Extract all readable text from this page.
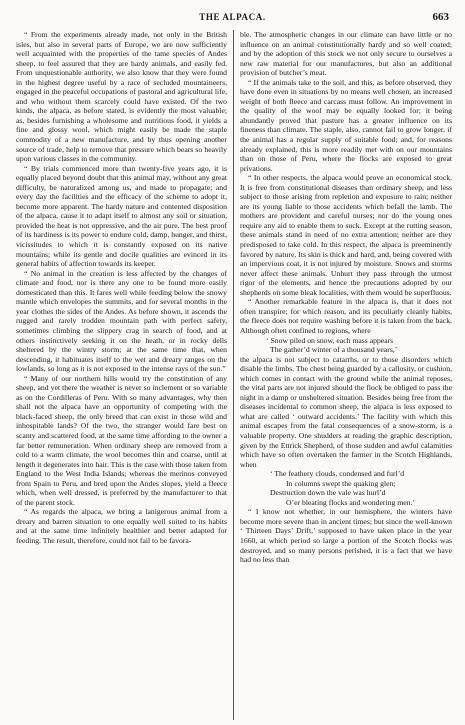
THE ALPACA.	663

“ From the experiments already made, not only in the British isles, but also in several parts of Europe, we are now sufficiently well acquainted with the properties of the tame species of Andes sheep, to feel assured that they are hardy animals, and easily fed. From unquestionable authority, we also know that they were found in the highest degree useful by a race of secluded mountaineers, engaged in the peaceful occupations of pastoral and agricultural life, and who without them scarcely could have existed. Of the two kinds, the alpaca, as before stated, is evidently the most valuable; as, besides furnishing a wholesome and nutritious food, it yields a fine and glossy wool, which might easily be made the staple commodity of a new manufacture, and by thus opening another source of trade, help to remove that pressure which bears so heavily upon various classes in the community.

“ By trials commenced more than twenty-five years ago, it is equally placed beyond doubt that this animal may, without any great difficulty, be naturalized among us, and made to propagate; and every day the facilities and the efficacy of the scheme to adopt it, become more apparent. The hardy nature and contented disposition of the alpaca, cause it to adapt itself to almost any soil or situation, provided the heat is not oppressive, and the air pure. The best proof of its hardiness is its power to endure cold, damp, hunger, and thirst, vicissitudes to which it is constantly exposed on its native mountains; while its gentle and docile qualities are evinced in its general habits of affection towards its keeper.

“ No animal in the creation is less affected by the changes of climate and food, nor is there any one to be found more easily domesticated than this. It fares well while feeding below the snowy mantle which envelopes the summits, and for several months in the year clothes the sides of the Andes. As before shown, it ascends the rugged and rarely trodden mountain path with perfect safety, sometimes climbing the slippery crag in search of food, and at others instinctively seeking it on the heath, or in rocky dells sheltered by the wintry storm; at the same time that, when descending, it habituates itself to the wet and dreary ranges on the lowlands, so long as it is not exposed to the intense rays of the sun.”

“ Many of our northern hills would try the constitution of any sheep, and yet there the weather is never so inclement or so variable as on the Cordilleras of Peru. With so many advantages, why then shall not the alpaca have an opportunity of competing with the black-faced sheep, the only breed that can exist in those wild and inhospitable lands? Of the two, the stranger would fare best on scanty and scattered food, at the same time affording to the owner a far better remuneration. When ordinary sheep are removed from a cold to a warm climate, the wool becomes thin and coarse, until at length it degenerates into hair. This is the case with those taken from England to the West India Islands; whereas the merinos conveyed from Spain to Peru, and bred upon the Andes slopes, yield a fleece which, when well dressed, is preferred by the manufacturer to that of the parent stock.

“ As regards the alpaca, we bring a lanigerous animal from a dreary and barren situation to one equally well suited to its habits and at the same time infinitely healthier and better adapted for feeding. The result, therefore, could not fail to be favora-

ble. The atmospheric changes in our climate can have little or no influence on an animal constitutionally hardy and so well coated; and by the adoption of this stock we not only secure to ourselves a new raw material for our manufactures, but also an additional provision of butcher’s meat.

“ If the animals take to the soil, and this, as before observed, they have done even in situations by no means well chosen, an increased weight of both fleece and carcass must follow. An improvement in the quality of the wool may be equally looked for; it being abundantly proved that pasture has a greater influence on its fineness than climate. The staple, also, cannot fail to grow longer, if the animal has a regular supply of suitable food; and, for reasons already explained, this is more readily met with on our mountains than on those of Peru, where the flocks are exposed to great privations.

“ In other respects, the alpaca would prove an economical stock. It is free from constitutional diseases than ordinary sheep, and less subject to those arising from repletion and exposure to rain; neither are its young liable to those accidents which befall the lamb. The mothers are provident and careful nurses; nor do the young ones require any aid to enable them to suck. Except at the rutting season, these animals stand in need of no extra attention; neither are they predisposed to take cold. In this respect, the alpaca is preeminently favored by nature. Its skin is thick and hard, and, being covered with an impervious coat, it is not injured by moisture. Snows and storms never affect these animals. Unhurt they pass through the utmost rigor of the elements, and hence the precautions adopted by our shepherds on some bleak localities, with them would be superfluous.

“ Another remarkable feature in the alpaca is, that it does not often transpire; for which reason, and its peculiarly cleanly habits, the fleece does not require washing before it is taken from the back. Although often confined to regions, where

‘ Snow piled on snow, each mass appears

The gather’d winter of a thousand years,’

the alpaca is not subject to catarrhs, or to those disorders which disable the limbs. The chest being guarded by a callosity, or cushion, which comes in contact with the ground while the animal reposes, the vital parts are not injured should the flock be obliged to pass the night in a damp or unsheltered situation. Besides being free from the diseases incidental to common sheep, the alpaca is less exposed to what are called ‘ outward accidents.’ The facility with which this animal escapes from the fatal consequences of a snow-storm, is a valuable property. One shudders at reading the graphic description, given by the Ettrick Shepherd, of those sudden and awful calamities which have so often overtaken the farmer in the Scotch Highlands, when

‘ The feathery clouds, condensed and furl’d

In columns swept the quaking glen;

Destruction down the vale was hurl’d

O’er bleating flocks and wondering men.’

“ I know not whether, in our hemisphere, the winters have become more severe than in ancient times; but since the well-known ‘ Thirteen Days’ Drift,’ supposed to have taken place in the year 1660, at which period so large a portion of the Scotch flocks was destroyed, and so many persons perished, it is a fact that we have had no less than
